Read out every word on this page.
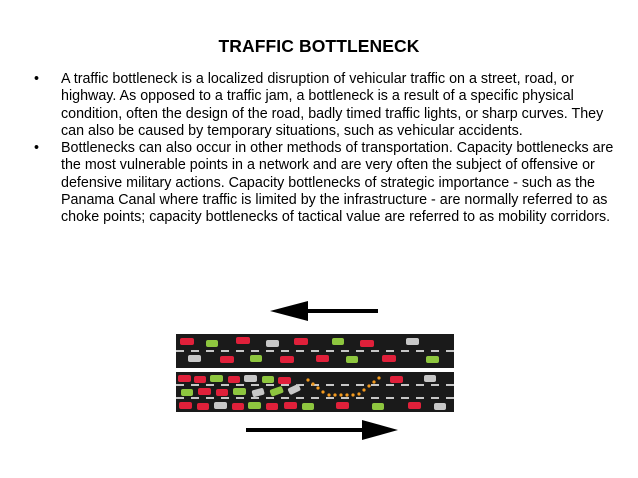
TRAFFIC BOTTLENECK
• A traffic bottleneck is a localized disruption of vehicular traffic on a street, road, or highway. As opposed to a traffic jam, a bottleneck is a result of a specific physical condition, often the design of the road, badly timed traffic lights, or sharp curves. They can also be caused by temporary situations, such as vehicular accidents.
• Bottlenecks can also occur in other methods of transportation. Capacity bottlenecks are the most vulnerable points in a network and are very often the subject of offensive or defensive military actions. Capacity bottlenecks of strategic importance - such as the Panama Canal where traffic is limited by the infrastructure - are normally referred to as choke points; capacity bottlenecks of tactical value are referred to as mobility corridors.
